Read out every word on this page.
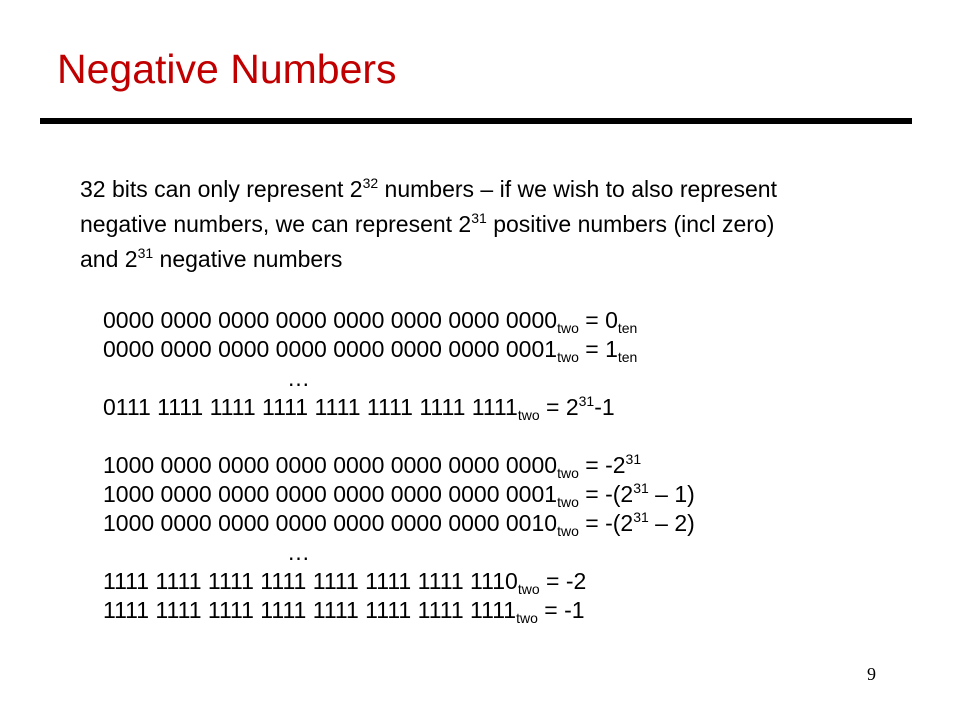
Negative Numbers
32 bits can only represent $2^{32}$ numbers – if we wish to also represent
negative numbers, we can represent $2^{31}$ positive numbers (incl zero)
and $2^{31}$ negative numbers
0000 0000 0000 0000 0000 0000 0000 $0000_{two} = 0_{ten}$
0000 0000 0000 0000 0000 0000 0000 $0001_{two} = 1_{ten}$
…
0111 1111 1111 1111 1111 1111 1111 $1111_{two} = 2^{31}-1$
1000 0000 0000 0000 0000 0000 0000 $0000_{two} = -2^{31}$
1000 0000 0000 0000 0000 0000 0000 $0001_{two} = -(2^{31} - 1)$
1000 0000 0000 0000 0000 0000 0000 $0010_{two} = -(2^{31} - 2)$
…
1111 1111 1111 1111 1111 1111 1111 $1110_{two} = -2$
1111 1111 1111 1111 1111 1111 1111 $1111_{two} = -1$
9
